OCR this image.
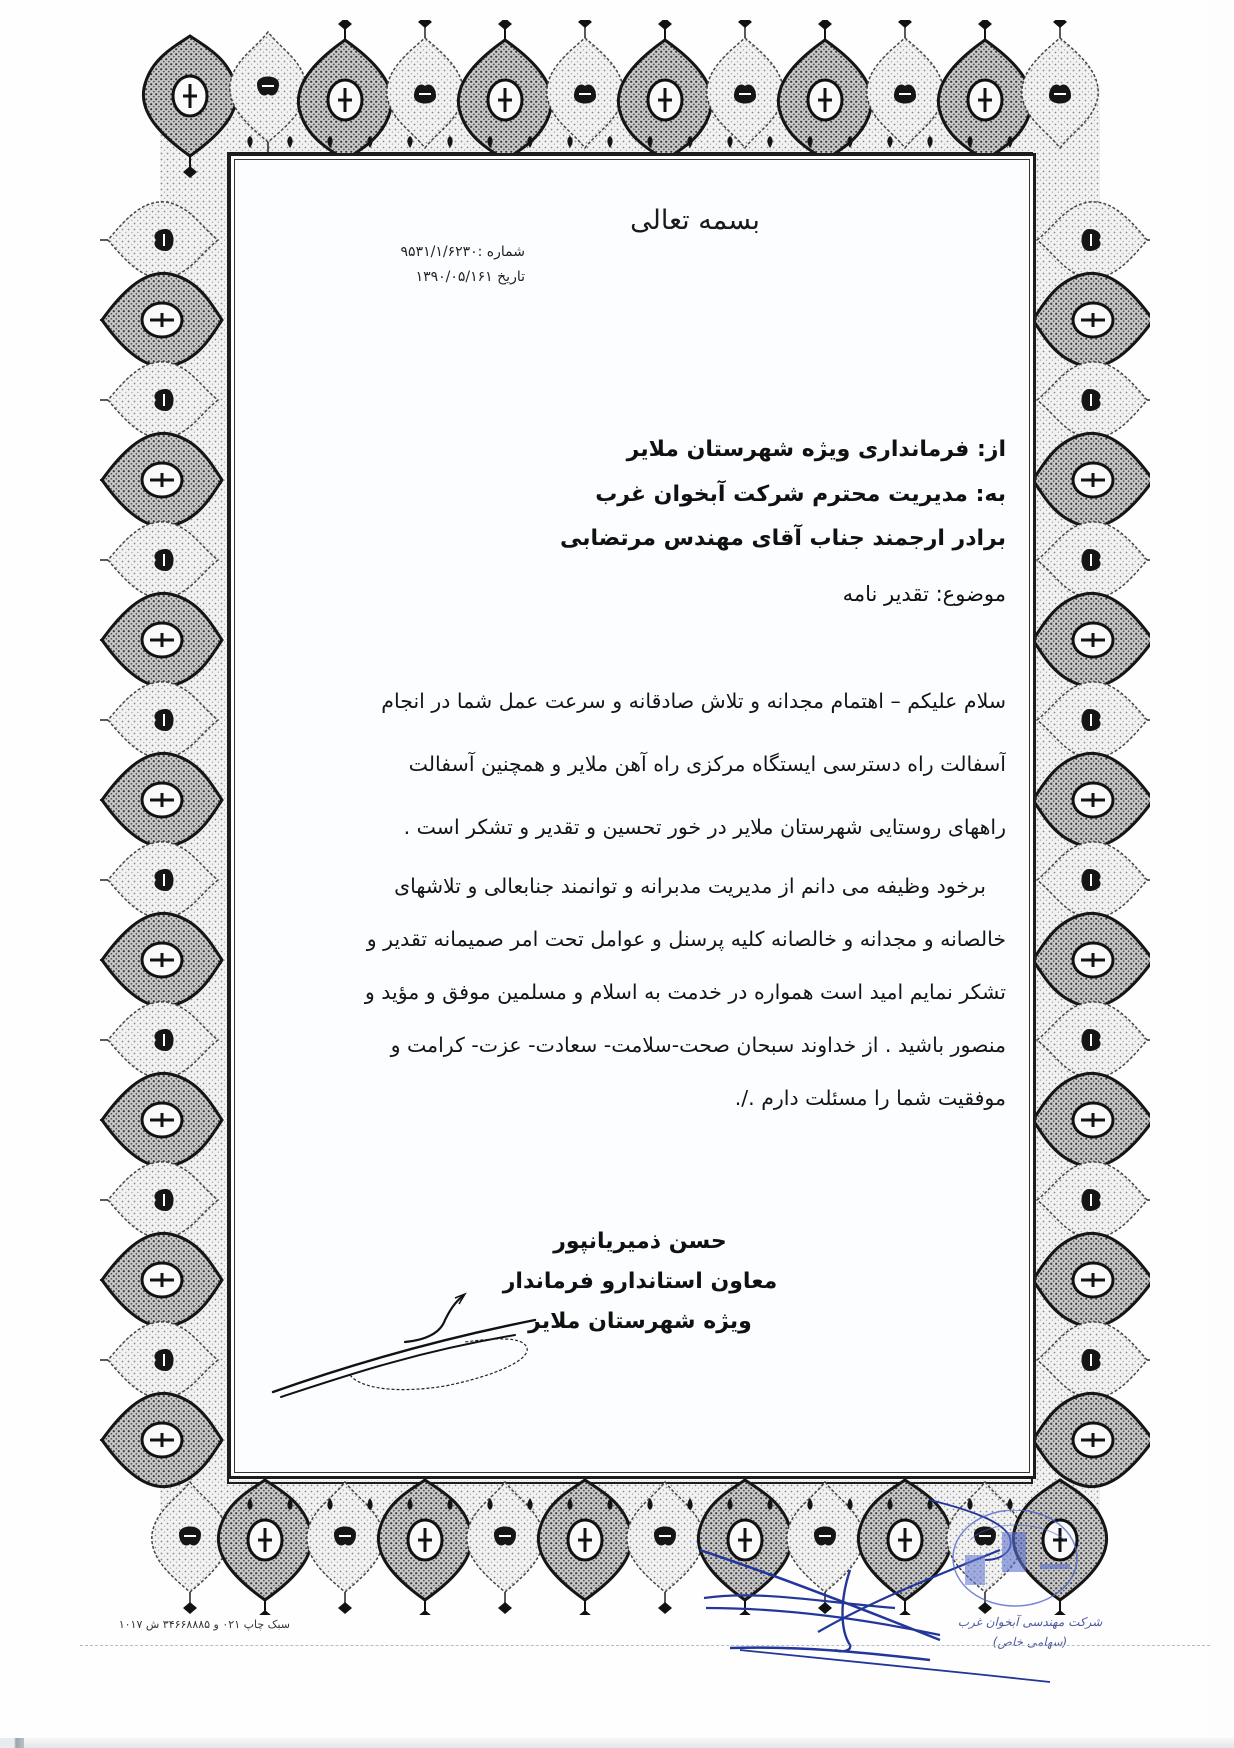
بسمه تعالی
شماره :۹۵۳۱/۱/۶۲۳۰
تاریخ ۱۳۹۰/۰۵/۱۶۱
از: فرمانداری ویژه شهرستان ملایر
به: مدیریت محترم شرکت آبخوان غرب
برادر ارجمند جناب آقای مهندس مرتضابی
موضوع: تقدیر نامه
سلام علیکم – اهتمام مجدانه و تلاش صادقانه و سرعت عمل شما در انجام
آسفالت راه دسترسی ایستگاه مرکزی راه آهن ملایر و همچنین آسفالت
راههای روستایی شهرستان ملایر در خور تحسین و تقدیر و تشکر است .
برخود وظیفه می دانم از مدیریت مدبرانه و توانمند جنابعالی و تلاشهای
خالصانه و مجدانه و خالصانه کلیه پرسنل و عوامل تحت امر صمیمانه تقدیر و
تشکر نمایم امید است همواره در خدمت به اسلام و مسلمین موفق و مؤید و
منصور باشید . از خداوند سبحان صحت-سلامت- سعادت- عزت- کرامت و
موفقیت شما را مسئلت دارم ./.
حسن ذمیریانپور
معاون استاندارو فرماندار
ویژه شهرستان ملایر
شرکت مهندسی آبخوان غرب
(سهامی خاص)
سبک چاپ ۰۲۱ و ۳۴۶۶۸۸۸۵ ش ۱۰۱۷
